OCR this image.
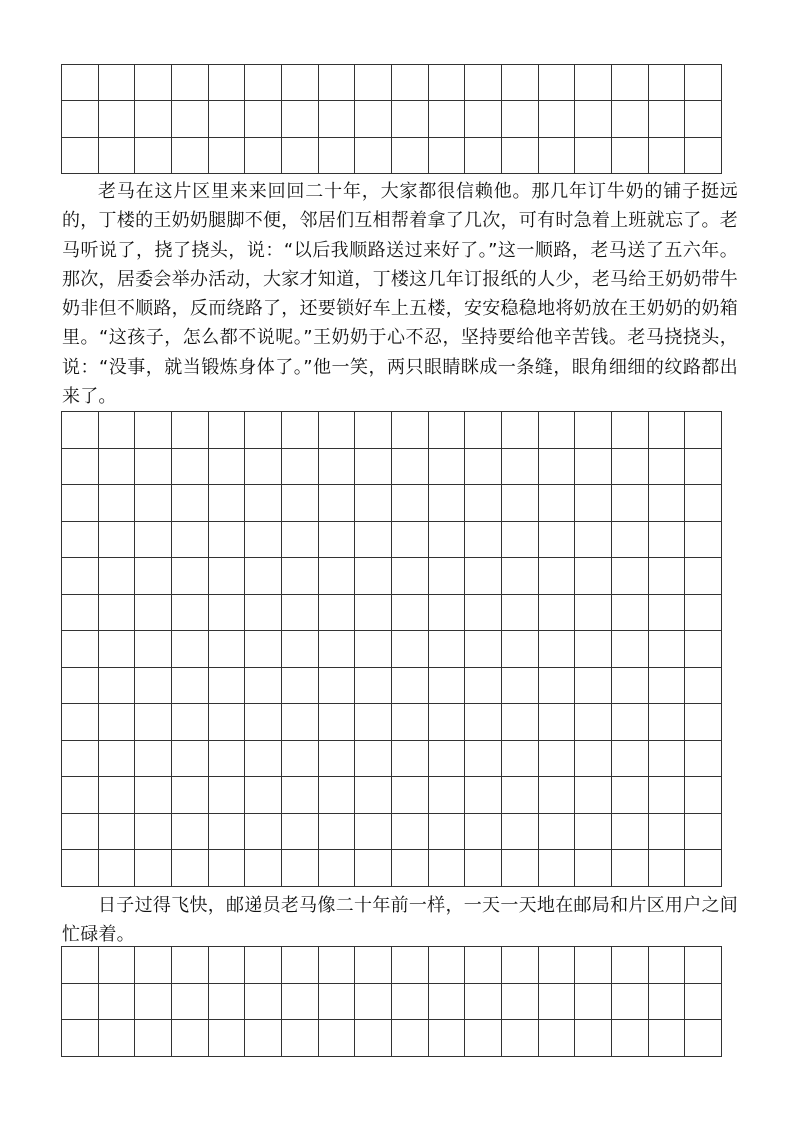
老马在这片区里来来回回二十年，大家都很信赖他。那几年订牛奶的铺子挺远的，丁楼的王奶奶腿脚不便，邻居们互相帮着拿了几次，可有时急着上班就忘了。老马听说了，挠了挠头，说：“以后我顺路送过来好了。”这一顺路，老马送了五六年。那次，居委会举办活动，大家才知道，丁楼这几年订报纸的人少，老马给王奶奶带牛奶非但不顺路，反而绕路了，还要锁好车上五楼，安安稳稳地将奶放在王奶奶的奶箱里。“这孩子，怎么都不说呢。”王奶奶于心不忍，坚持要给他辛苦钱。老马挠挠头，说：“没事，就当锻炼身体了。”他一笑，两只眼睛眯成一条缝，眼角细细的纹路都出来了。

日子过得飞快，邮递员老马像二十年前一样，一天一天地在邮局和片区用户之间忙碌着。
